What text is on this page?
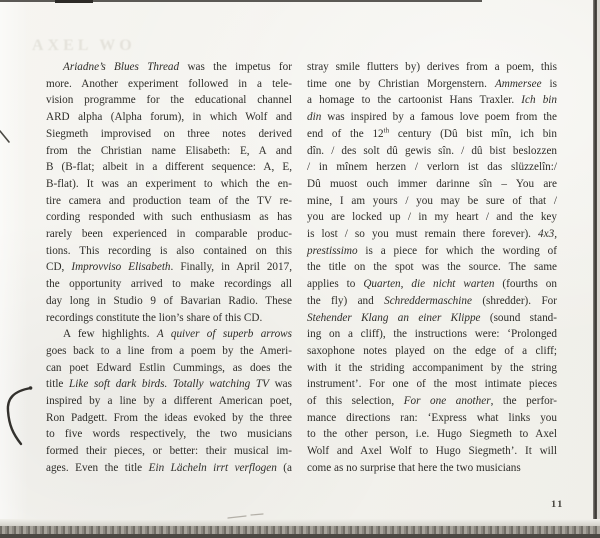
AXEL WO
Ariadne’s Blues Thread was the impetus for
more. Another experiment followed in a tele-
vision programme for the educational channel
ARD alpha (Alpha forum), in which Wolf and
Siegmeth improvised on three notes derived
from the Christian name Elisabeth: E, A and
B (B-flat; albeit in a different sequence: A, E,
B-flat). It was an experiment to which the en-
tire camera and production team of the TV re-
cording responded with such enthusiasm as has
rarely been experienced in comparable produc-
tions. This recording is also contained on this
CD, Improvviso Elisabeth. Finally, in April 2017,
the opportunity arrived to make recordings all
day long in Studio 9 of Bavarian Radio. These
recordings constitute the lion’s share of this CD.
A few highlights. A quiver of superb arrows
goes back to a line from a poem by the Ameri-
can poet Edward Estlin Cummings, as does the
title Like soft dark birds. Totally watching TV was
inspired by a line by a different American poet,
Ron Padgett. From the ideas evoked by the three
to five words respectively, the two musicians
formed their pieces, or better: their musical im-
ages. Even the title Ein Lächeln irrt verflogen (a
stray smile flutters by) derives from a poem, this
time one by Christian Morgenstern. Ammersee is
a homage to the cartoonist Hans Traxler. Ich bin
din was inspired by a famous love poem from the
end of the 12th century (Dû bist mîn, ich bin
dîn. / des solt dû gewis sîn. / dû bist beslozzen
/ in mînem herzen / verlorn ist das slüzzelîn:/
Dû muost ouch immer darinne sîn – You are
mine, I am yours / you may be sure of that /
you are locked up / in my heart / and the key
is lost / so you must remain there forever). 4x3,
prestissimo is a piece for which the wording of
the title on the spot was the source. The same
applies to Quarten, die nicht warten (fourths on
the fly) and Schreddermaschine (shredder). For
Stehender Klang an einer Klippe (sound stand-
ing on a cliff), the instructions were: ‘Prolonged
saxophone notes played on the edge of a cliff;
with it the striding accompaniment by the string
instrument’. For one of the most intimate pieces
of this selection, For one another, the perfor-
mance directions ran: ‘Express what links you
to the other person, i.e. Hugo Siegmeth to Axel
Wolf and Axel Wolf to Hugo Siegmeth’. It will
come as no surprise that here the two musicians
11
